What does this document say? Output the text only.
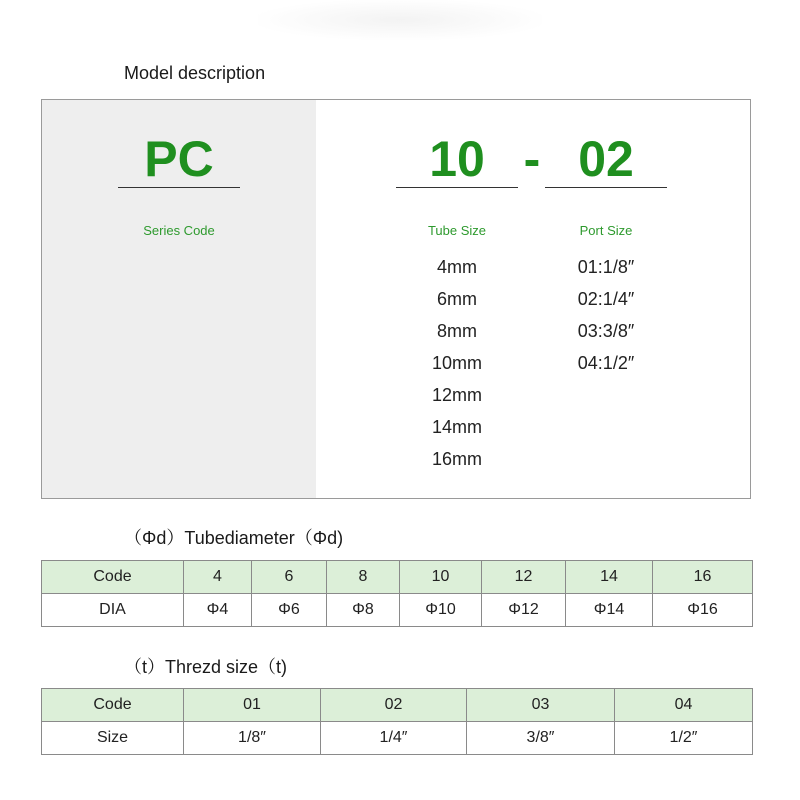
Model description
PC
Series Code
10 - 02
Tube Size	Port Size
4mm
6mm
8mm
10mm
12mm
14mm
16mm
01:1/8″
02:1/4″
03:3/8″
04:1/2″
（Φd）Tubediameter（Φd)
Code	4	6	8	10	12	14	16
DIA	Φ4	Φ6	Φ8	Φ10	Φ12	Φ14	Φ16
（t）Threzd size（t)
Code	01	02	03	04
Size	1/8″	1/4″	3/8″	1/2″
